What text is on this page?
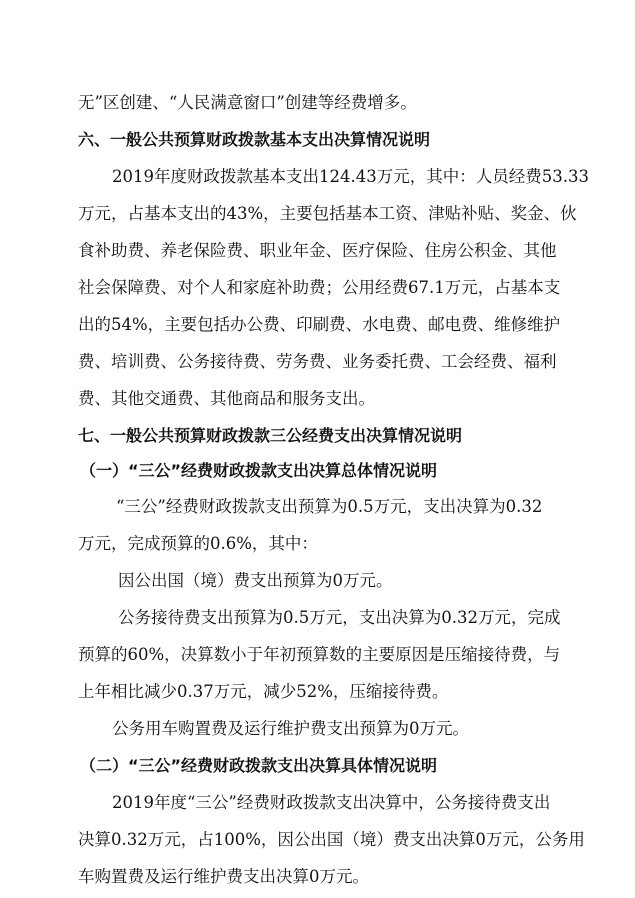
无”区创建、“人民满意窗口”创建等经费增多。
六、一般公共预算财政拨款基本支出决算情况说明
2019年度财政拨款基本支出124.43万元，其中：人员经费53.33
万元，占基本支出的43%，主要包括基本工资、津贴补贴、奖金、伙
食补助费、养老保险费、职业年金、医疗保险、住房公积金、其他
社会保障费、对个人和家庭补助费；公用经费67.1万元，占基本支
出的54%，主要包括办公费、印刷费、水电费、邮电费、维修维护
费、培训费、公务接待费、劳务费、业务委托费、工会经费、福利
费、其他交通费、其他商品和服务支出。
七、一般公共预算财政拨款三公经费支出决算情况说明
（一）“三公”经费财政拨款支出决算总体情况说明
“三公”经费财政拨款支出预算为0.5万元，支出决算为0.32
万元，完成预算的0.6%，其中：
因公出国（境）费支出预算为0万元。
公务接待费支出预算为0.5万元，支出决算为0.32万元，完成
预算的60%，决算数小于年初预算数的主要原因是压缩接待费，与
上年相比减少0.37万元，减少52%，压缩接待费。
公务用车购置费及运行维护费支出预算为0万元。
（二）“三公”经费财政拨款支出决算具体情况说明
2019年度“三公”经费财政拨款支出决算中，公务接待费支出
决算0.32万元，占100%，因公出国（境）费支出决算0万元，公务用
车购置费及运行维护费支出决算0万元。
